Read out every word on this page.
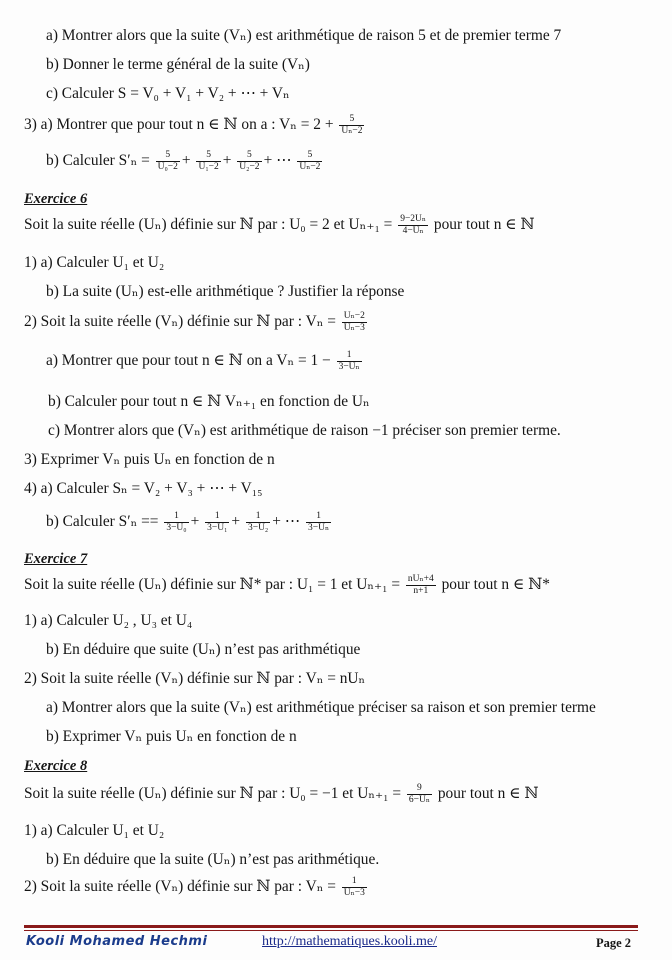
a) Montrer alors que la suite (Vₙ) est arithmétique de raison 5 et de premier terme 7
b) Donner le terme général de la suite (Vₙ)
c) Calculer S = V₀ + V₁ + V₂ + ⋯ + Vₙ
3) a) Montrer que pour tout n ∈ ℕ on a : $V_n = 2 + \frac{5}{\text{Uₙ−2}}$
b) Calculer $S'_n = \frac{5}{\text{U₀−2}} + \frac{5}{\text{U₁−2}} + \frac{5}{\text{U₂−2}}$ + ⋯ $\frac{5}{\text{Uₙ−2}}$
Exercice 6
Soit la suite réelle (Uₙ) définie sur ℕ par : U₀ = 2 et $U_{n+1} = \frac{\text{9−2Uₙ}}{\text{4−Uₙ}}$ pour tout n ∈ ℕ
1) a) Calculer U₁ et U₂
b) La suite (Uₙ) est-elle arithmétique ? Justifier la réponse
2) Soit la suite réelle (Vₙ) définie sur ℕ par : $V_n = \frac{\text{Uₙ−2}}{\text{Uₙ−3}}$
a) Montrer que pour tout n ∈ ℕ on a $V_n = 1 - \frac{1}{\text{3−Uₙ}}$
b) Calculer pour tout n ∈ ℕ Vₙ₊₁ en fonction de Uₙ
c) Montrer alors que (Vₙ) est arithmétique de raison −1 préciser son premier terme.
3) Exprimer Vₙ puis Uₙ en fonction de n
4) a) Calculer Sₙ = V₂ + V₃ + ⋯ + V₁₅
b) Calculer $S'_n == \frac{1}{\text{3−U₀}} + \frac{1}{\text{3−U₁}} + \frac{1}{\text{3−U₂}}$ + ⋯ $\frac{1}{\text{3−Uₙ}}$
Exercice 7
Soit la suite réelle (Uₙ) définie sur ℕ* par : U₁ = 1 et Uₙ₊₁ = nUₙ+4
n+1 pour tout n ∈ ℕ*
1) a) Calculer U₂ , U₃ et U₄
b) En déduire que suite (Uₙ) n’est pas arithmétique
2) Soit la suite réelle (Vₙ) définie sur ℕ par : Vₙ = nUₙ
a) Montrer alors que la suite (Vₙ) est arithmétique préciser sa raison et son premier terme
b) Exprimer Vₙ puis Uₙ en fonction de n
Exercice 8
Soit la suite réelle (Uₙ) définie sur ℕ par : U₀ = −1 et $U_{n+1} = \frac{9}{\text{6−Uₙ}}$ pour tout n ∈ ℕ
1) a) Calculer U₁ et U₂
b) En déduire que la suite (Uₙ) n’est pas arithmétique.
2) Soit la suite réelle (Vₙ) définie sur ℕ par : $V_n = \frac{1}{\text{Uₙ−3}}$
Kooli Mohamed Hechmi	http://mathematiques.kooli.me/	Page 2
